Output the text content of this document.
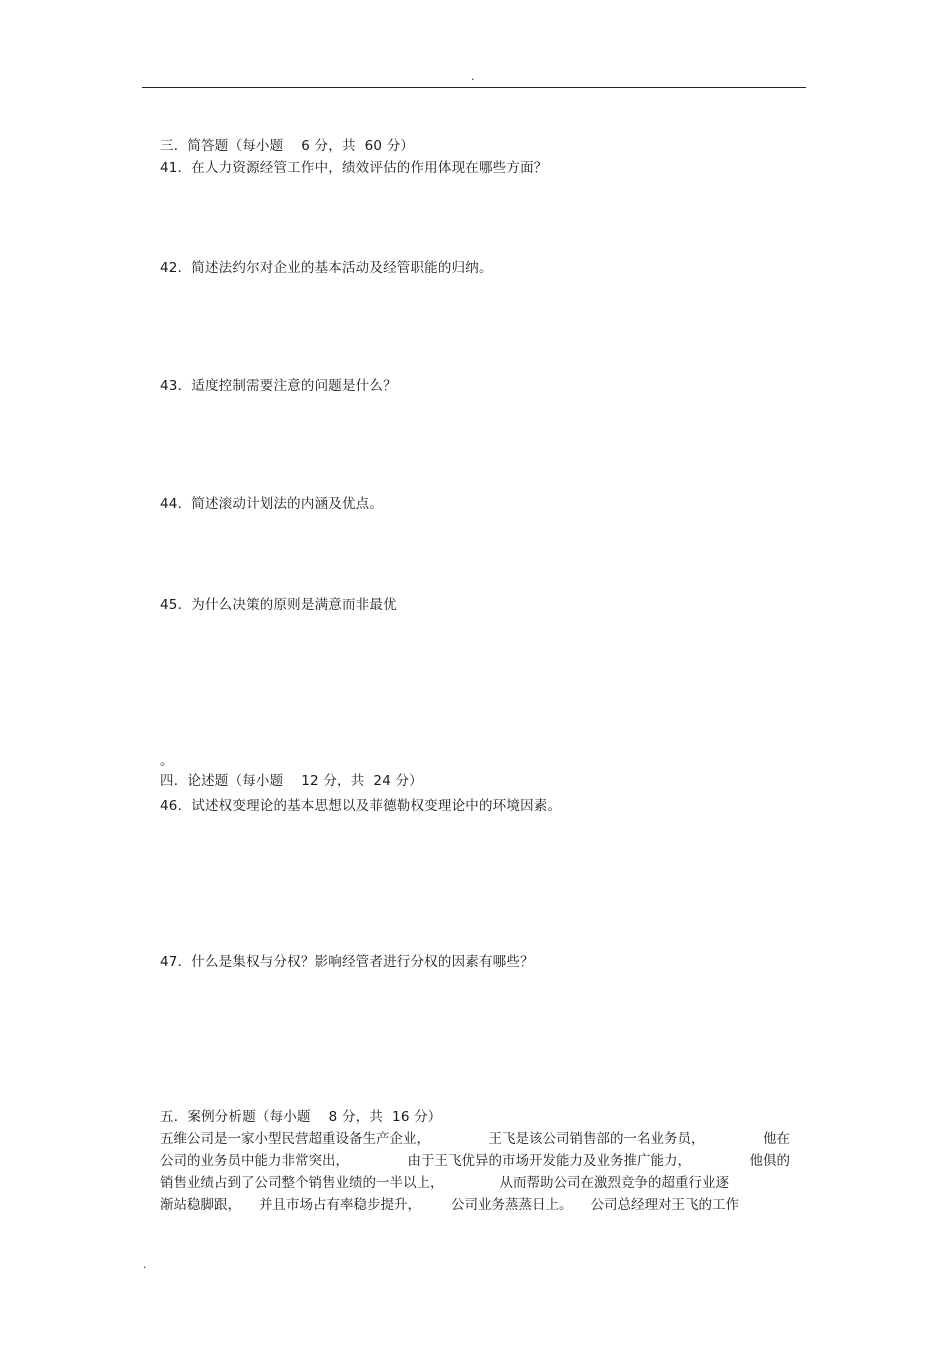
.
三．简答题（每小题    6 分，共  60 分）
41．在人力资源经管工作中，绩效评估的作用体现在哪些方面？
42．简述法约尔对企业的基本活动及经管职能的归纳。
43．适度控制需要注意的问题是什么？
44．简述滚动计划法的内涵及优点。
45．为什么决策的原则是满意而非最优
。
四．论述题（每小题    12 分，共  24 分）
46．试述权变理论的基本思想以及菲德勒权变理论中的环境因素。
47．什么是集权与分权？影响经管者进行分权的因素有哪些？
五．案例分析题（每小题    8 分，共  16 分）
五维公司是一家小型民营超重设备生产企业，	王飞是该公司销售部的一名业务员，	他在
公司的业务员中能力非常突出，	由于王飞优异的市场开发能力及业务推广能力，	他俱的
销售业绩占到了公司整个销售业绩的一半以上，	从而帮助公司在激烈竞争的超重行业逐
渐站稳脚跟， 并且市场占有率稳步提升， 公司业务蒸蒸日上。 公司总经理对王飞的工作
.
